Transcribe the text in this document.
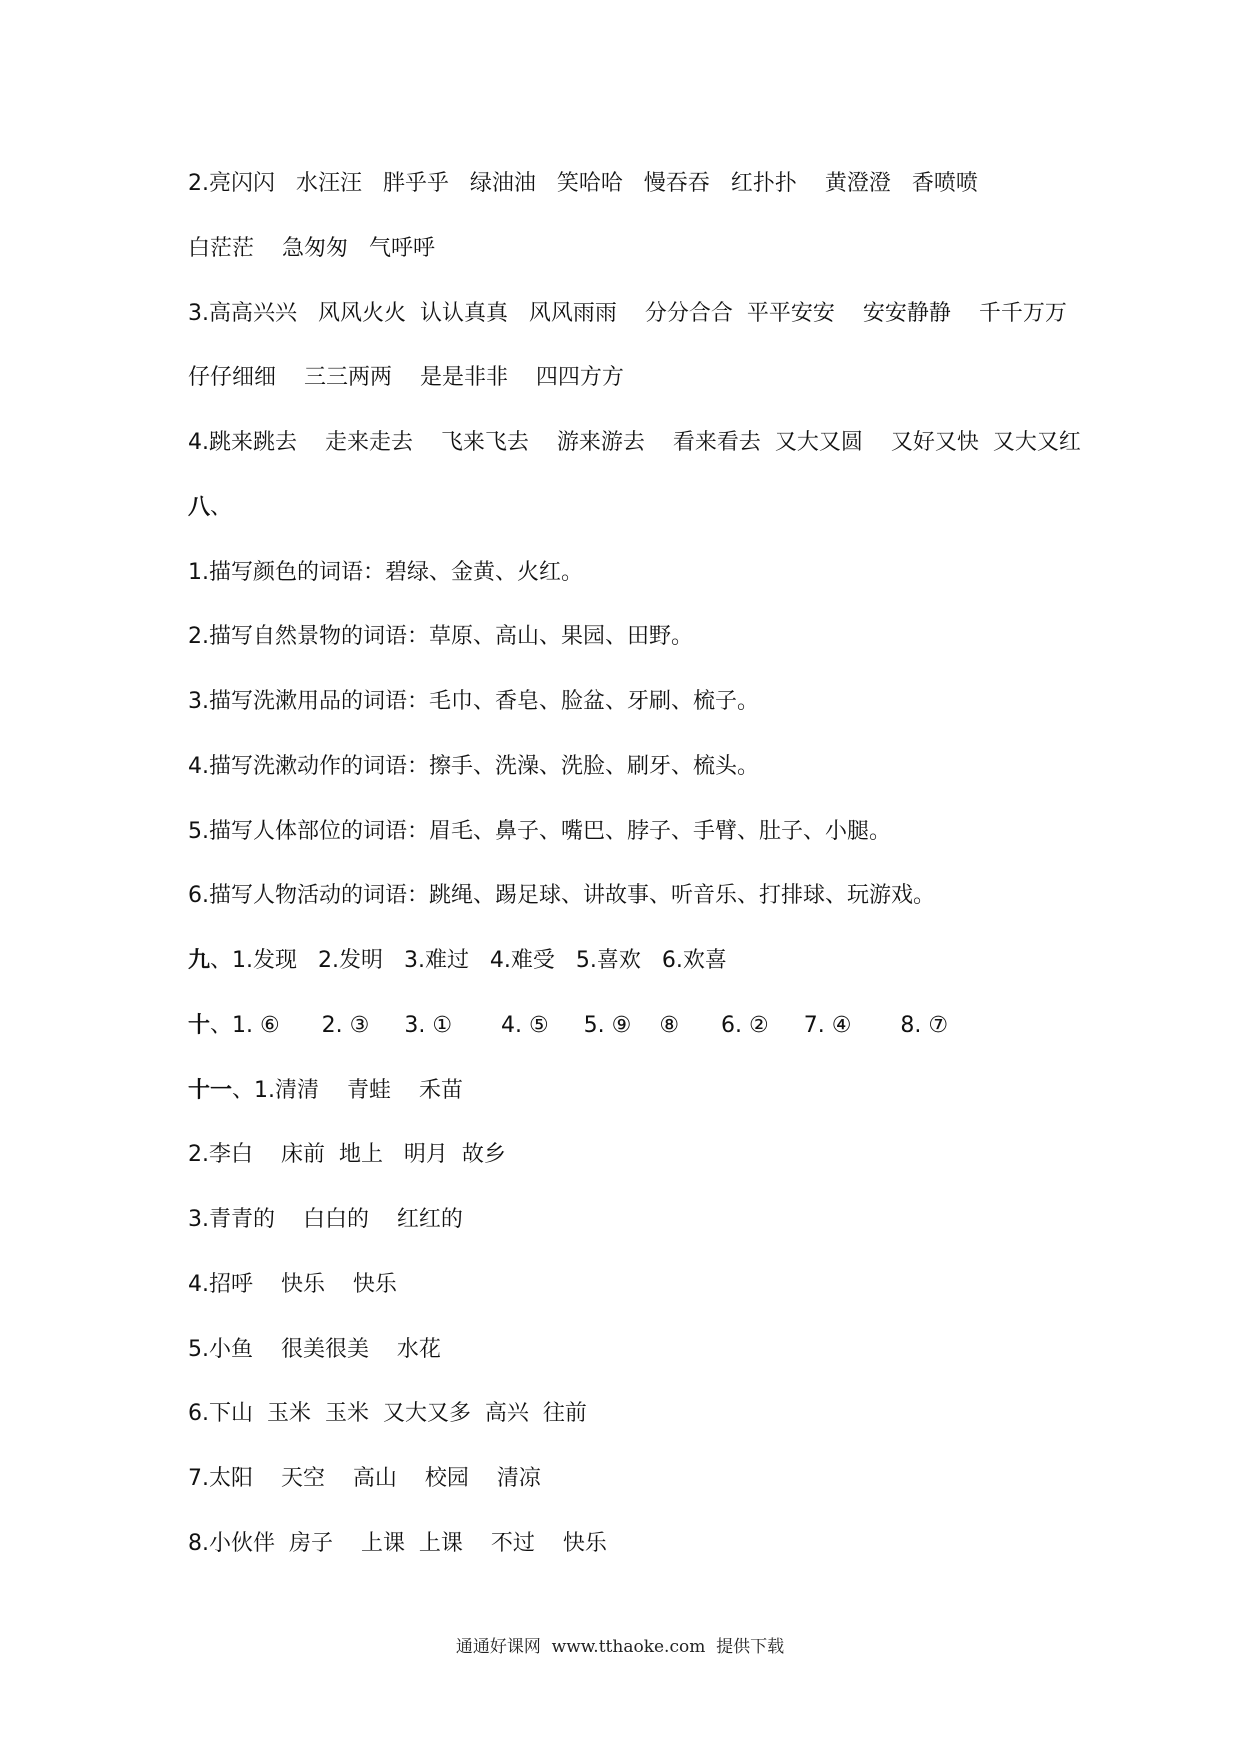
2.亮闪闪   水汪汪   胖乎乎   绿油油   笑哈哈   慢吞吞   红扑扑    黄澄澄   香喷喷
白茫茫    急匆匆   气呼呼
3.高高兴兴   风风火火  认认真真   风风雨雨    分分合合  平平安安    安安静静    千千万万
仔仔细细    三三两两    是是非非    四四方方
4.跳来跳去    走来走去    飞来飞去    游来游去    看来看去  又大又圆    又好又快  又大又红
八、
1.描写颜色的词语：碧绿、金黄、火红。
2.描写自然景物的词语：草原、高山、果园、田野。
3.描写洗漱用品的词语：毛巾、香皂、脸盆、牙刷、梳子。
4.描写洗漱动作的词语：擦手、洗澡、洗脸、刷牙、梳头。
5.描写人体部位的词语：眉毛、鼻子、嘴巴、脖子、手臂、肚子、小腿。
6.描写人物活动的词语：跳绳、踢足球、讲故事、听音乐、打排球、玩游戏。
九、1.发现   2.发明   3.难过   4.难受   5.喜欢   6.欢喜
十、1. ⑥      2. ③     3. ①       4. ⑤     5. ⑨    ⑧      6. ②     7. ④       8. ⑦
十一、1.清清    青蛙    禾苗
2.李白    床前  地上   明月  故乡
3.青青的    白白的    红红的
4.招呼    快乐    快乐
5.小鱼    很美很美    水花
6.下山  玉米  玉米  又大又多  高兴  往前
7.太阳    天空    高山    校园    清凉
8.小伙伴  房子    上课  上课    不过    快乐
通通好课网  www.tthaoke.com  提供下载
